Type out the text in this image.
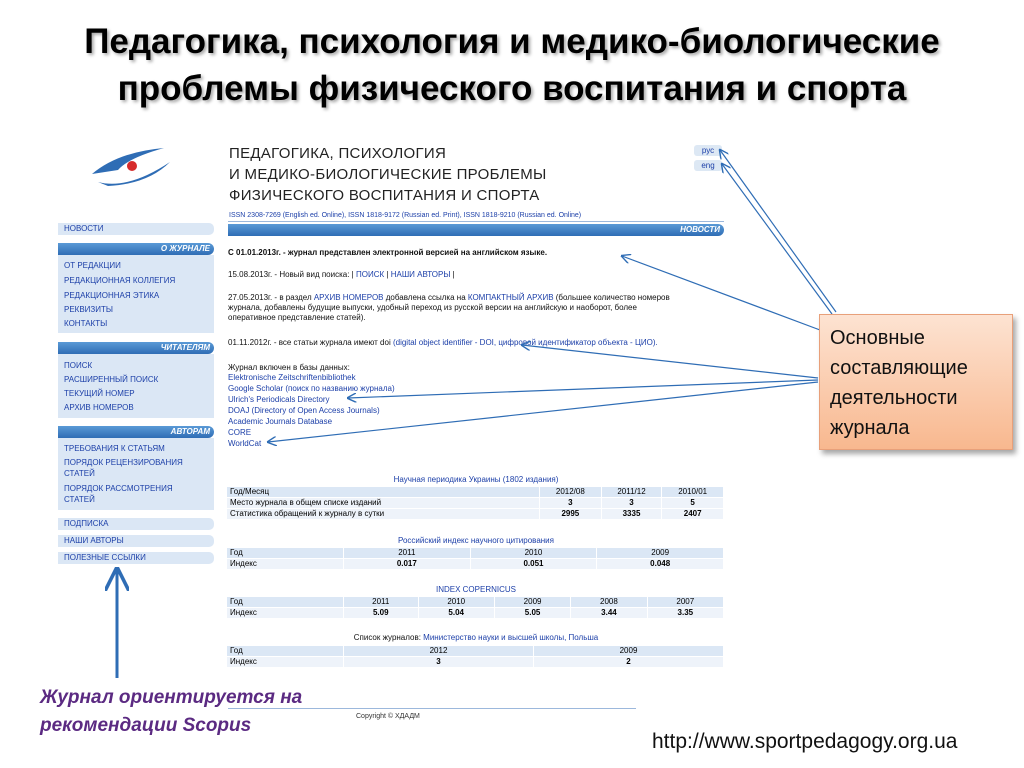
Педагогика, психология и медико-биологические
проблемы физического воспитания и спорта
ПЕДАГОГИКА, ПСИХОЛОГИЯ
И МЕДИКО-БИОЛОГИЧЕСКИЕ ПРОБЛЕМЫ
ФИЗИЧЕСКОГО ВОСПИТАНИЯ И СПОРТА
рус
eng
ISSN 2308-7269 (English ed. Online), ISSN 1818-9172 (Russian ed. Print), ISSN 1818-9210 (Russian ed. Online)
НОВОСТИ
О ЖУРНАЛЕ
ОТ РЕДАКЦИИ
РЕДАКЦИОННАЯ КОЛЛЕГИЯ
РЕДАКЦИОННАЯ ЭТИКА
РЕКВИЗИТЫ
КОНТАКТЫ
ЧИТАТЕЛЯМ
ПОИСК
РАСШИРЕННЫЙ ПОИСК
ТЕКУЩИЙ НОМЕР
АРХИВ НОМЕРОВ
АВТОРАМ
ТРЕБОВАНИЯ К СТАТЬЯМ
ПОРЯДОК РЕЦЕНЗИРОВАНИЯ
СТАТЕЙ
ПОРЯДОК РАССМОТРЕНИЯ
СТАТЕЙ
ПОДПИСКА
НАШИ АВТОРЫ
ПОЛЕЗНЫЕ ССЫЛКИ
НОВОСТИ
С 01.01.2013г. - журнал представлен электронной версией на английском языке.
15.08.2013г. - Новый вид поиска: | ПОИСК | НАШИ АВТОРЫ |
27.05.2013г. - в раздел АРХИВ НОМЕРОВ добавлена ссылка на КОМПАКТНЫЙ АРХИВ (большее количество номеров
журнала, добавлены будущие выпуски, удобный переход из русской версии на английскую и наоборот, более
оперативное представление статей).
01.11.2012г. - все статьи журнала имеют doi (digital object identifier - DOI, цифровой идентификатор объекта - ЦИО).
Журнал включен в базы данных:
Elektronische Zeitschriftenbibliothek
Google Scholar (поиск по названию журнала)
Ulrich's Periodicals Directory
DOAJ (Directory of Open Access Journals)
Academic Journals Database
CORE
WorldCat
Научная периодика Украины (1802 издания)
Год/Месяц	2012/08	2011/12	2010/01
Место журнала в общем списке изданий	3	3	5
Статистика обращений к журналу в сутки	2995	3335	2407
Российский индекс научного цитирования
Год	2011	2010	2009
Индекс	0.017	0.051	0.048
INDEX COPERNICUS
Год	2011	2010	2009	2008	2007
Индекс	5.09	5.04	5.05	3.44	3.35
Список журналов: Министерство науки и высшей школы, Польша
Год	2012	2009
Индекс	3	2
Copyright © ХДАДМ
Основные составляющие деятельности журнала
Журнал ориентируется на
рекомендации Scopus
http://www.sportpedagogy.org.ua
